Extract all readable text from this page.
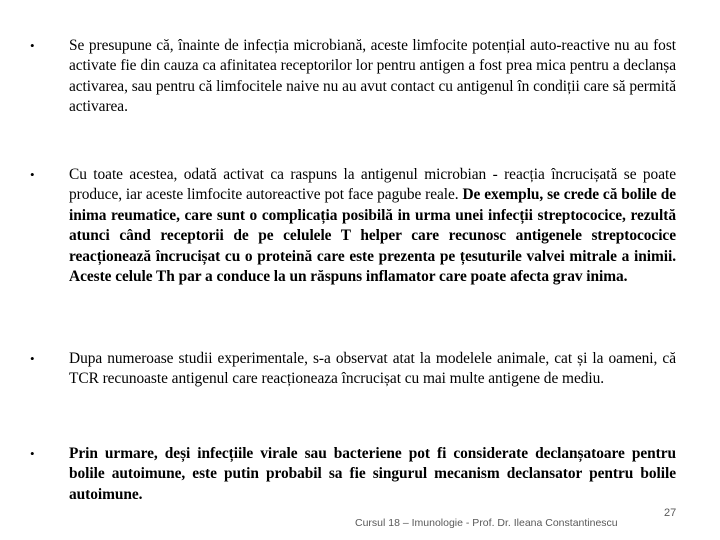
•	Se presupune că, înainte de infecția microbiană, aceste limfocite potențial auto-reactive nu au fost activate fie din cauza ca afinitatea receptorilor lor pentru antigen a fost prea mica pentru a declanșa activarea, sau pentru că limfocitele naive nu au avut contact cu antigenul în condiții care să permită activarea.
•	Cu toate acestea, odată activat ca raspuns la antigenul microbian - reacția încrucișată se poate produce, iar aceste limfocite autoreactive pot face pagube reale. De exemplu, se crede că bolile de inima reumatice, care sunt o complicația posibilă in urma unei infecții streptococice, rezultă atunci când receptorii de pe celulele T helper care recunosc antigenele streptococice reacționează încrucișat cu o proteină care este prezenta pe țesuturile valvei mitrale a inimii. Aceste celule Th par a conduce la un răspuns inflamator care poate afecta grav inima.
•	Dupa numeroase studii experimentale, s-a observat atat la modelele animale, cat și la oameni, că TCR recunoaste antigenul care reacționeaza încrucișat cu mai multe antigene de mediu.
•	Prin urmare, deși infecțiile virale sau bacteriene pot fi considerate declanșatoare pentru bolile autoimune, este putin probabil sa fie singurul mecanism declansator pentru bolile autoimune.
Cursul 18 – Imunologie - Prof. Dr. Ileana Constantinescu
27
